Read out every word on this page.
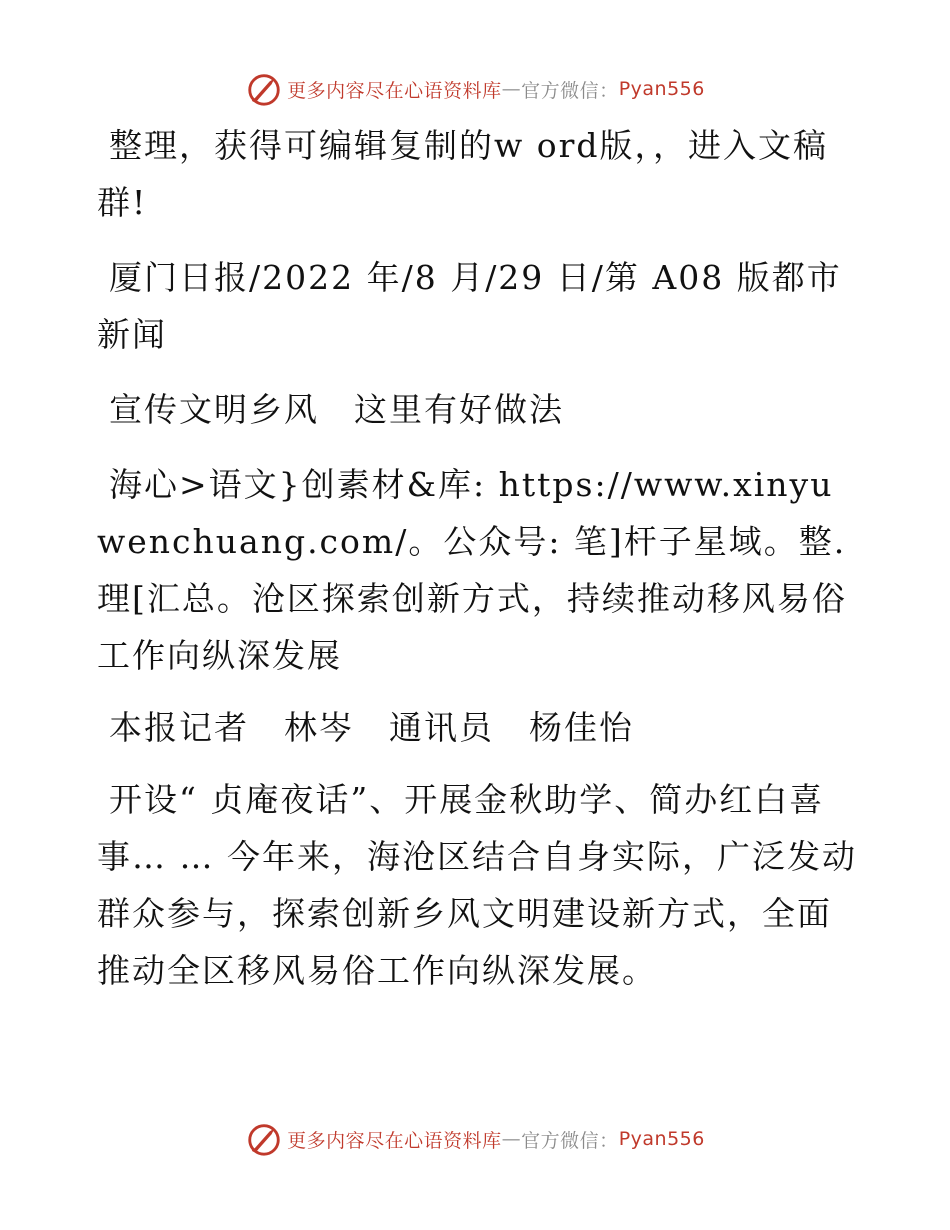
更多内容尽在心语资料库 — 官方微信： Pyan556

整理，获得可编辑复制的w ord版，，进入文稿群!

厦门日报/2022 年/8 月/29 日/第 A08 版都市新闻

宣传文明乡风　这里有好做法

海心>语文}创素材&库: https://www.xinyuwenchuang.com/。公众号: 笔]杆子星域。整.理[汇总。沧区探索创新方式，持续推动移风易俗工作向纵深发展

本报记者　林岑　通讯员　杨佳怡

开设“ 贞庵夜话”、开展金秋助学、简办红白喜事… … 今年来，海沧区结合自身实际，广泛发动群众参与，探索创新乡风文明建设新方式，全面推动全区移风易俗工作向纵深发展。

更多内容尽在心语资料库 — 官方微信： Pyan556
